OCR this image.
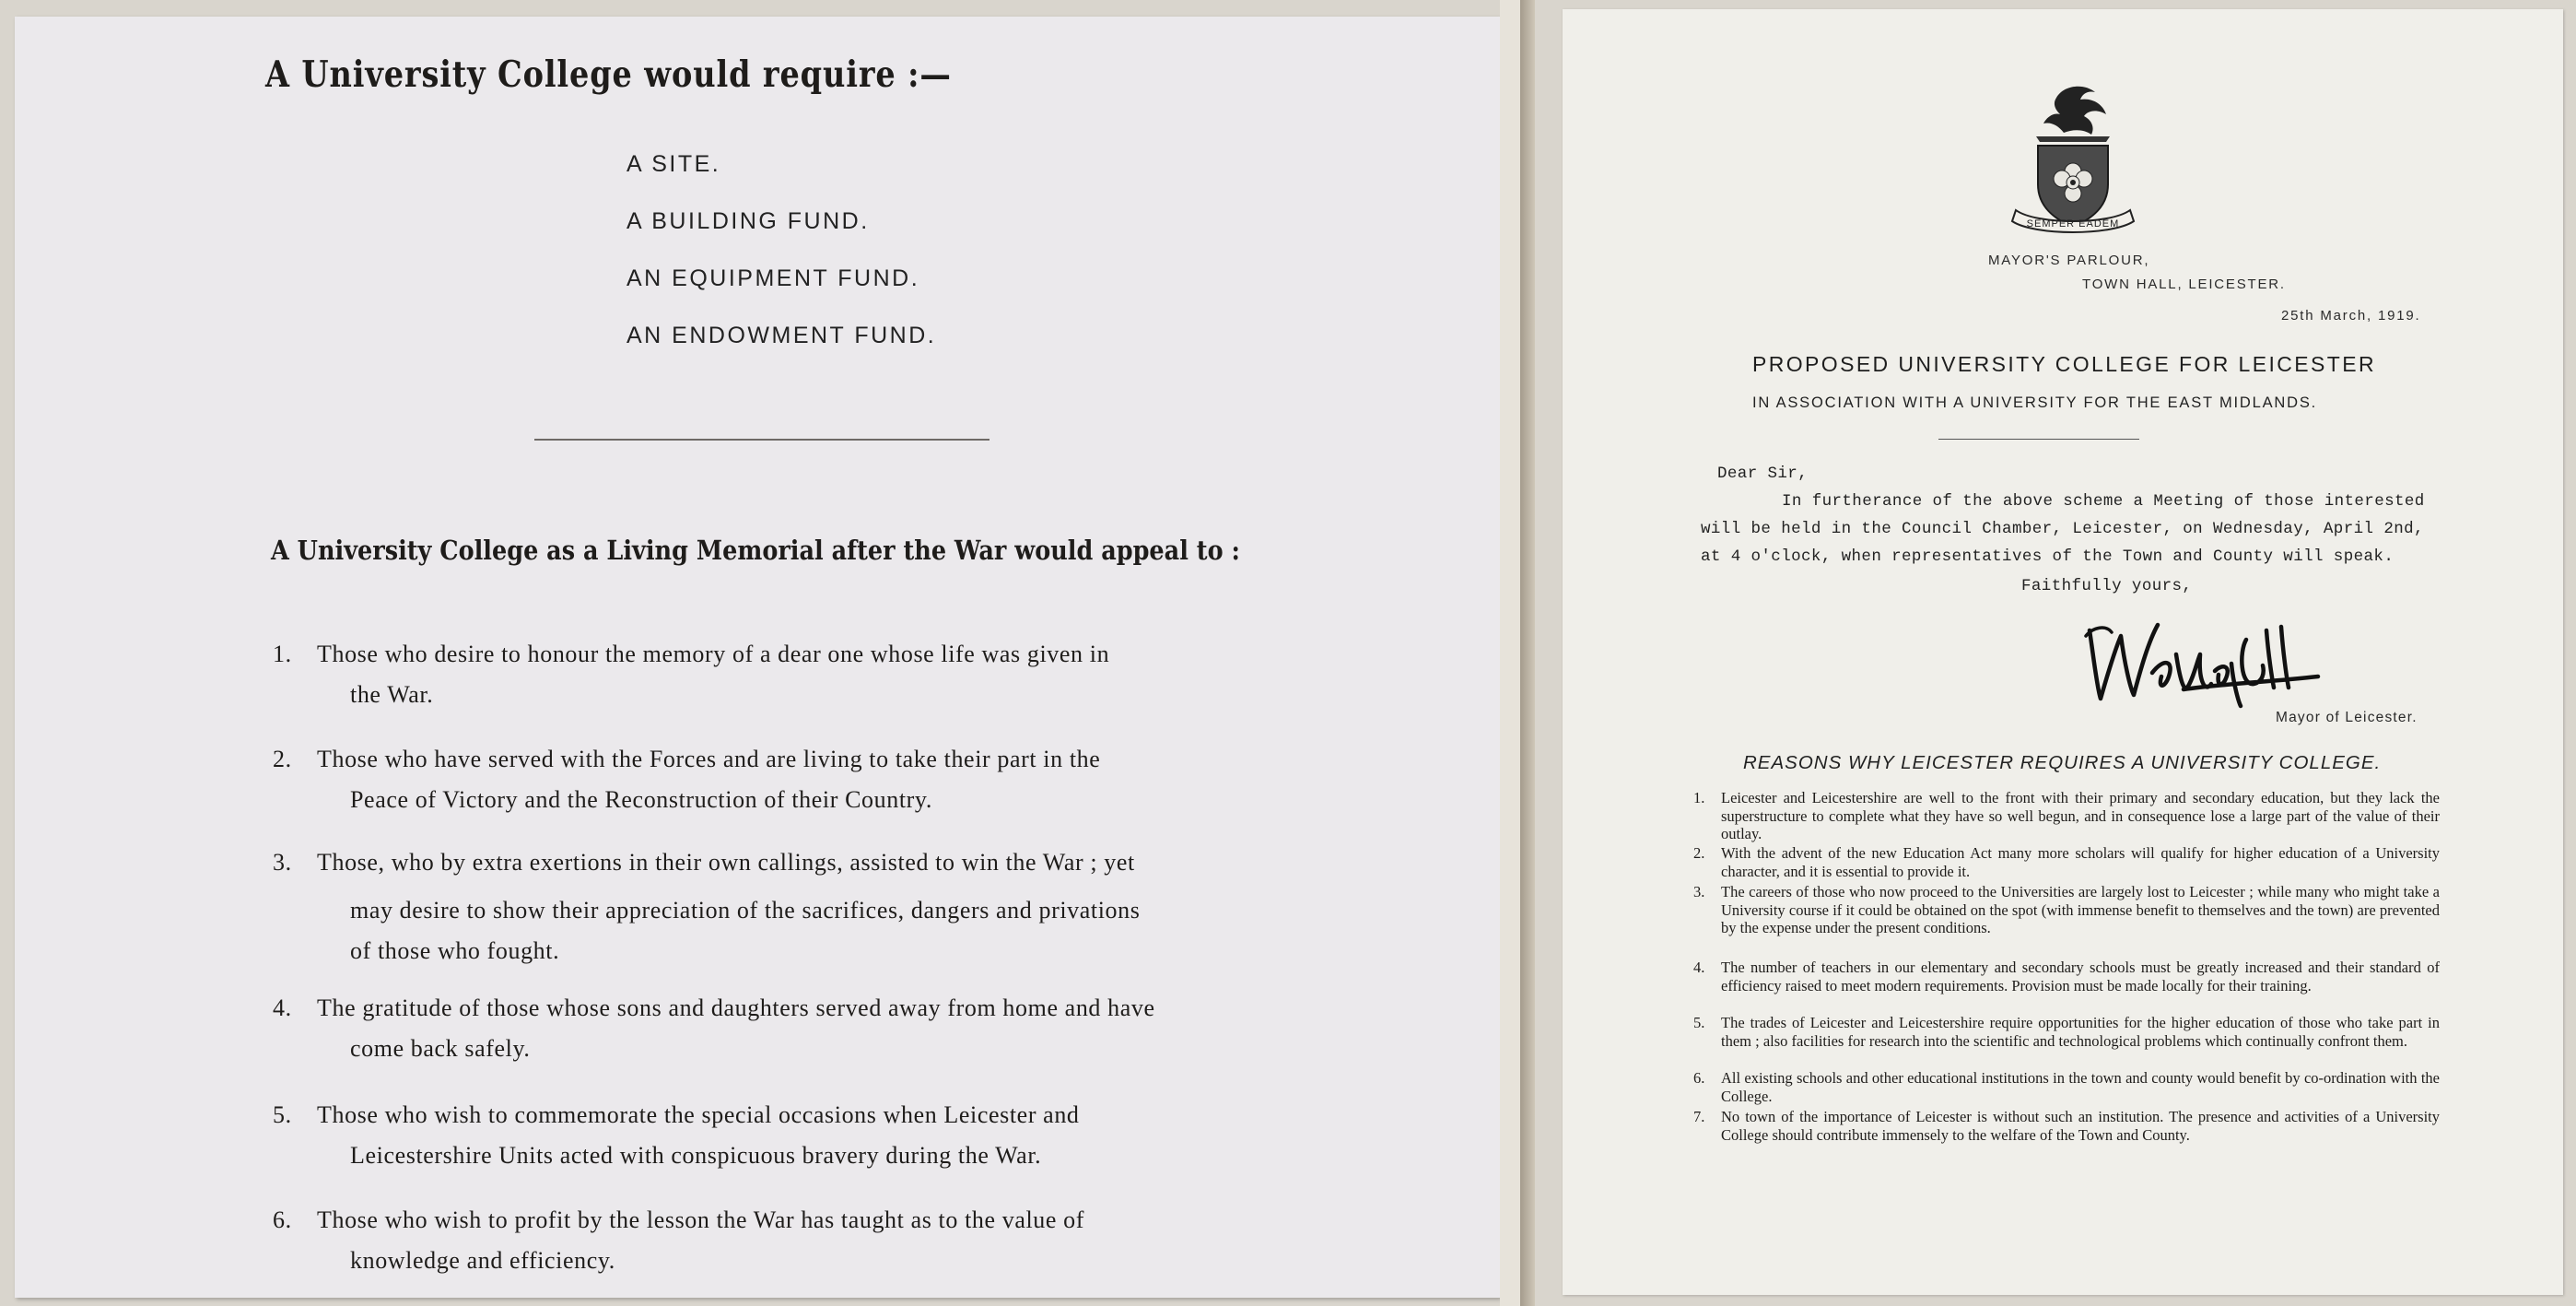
A University College would require :—
A SITE.
A BUILDING FUND.
AN EQUIPMENT FUND.
AN ENDOWMENT FUND.
A University College as a Living Memorial after the War would appeal to :
1. Those who desire to honour the memory of a dear one whose life was given in
the War.
2. Those who have served with the Forces and are living to take their part in the
Peace of Victory and the Reconstruction of their Country.
3. Those, who by extra exertions in their own callings, assisted to win the War ; yet
may desire to show their appreciation of the sacrifices, dangers and privations
of those who fought.
4. The gratitude of those whose sons and daughters served away from home and have
come back safely.
5. Those who wish to commemorate the special occasions when Leicester and
Leicestershire Units acted with conspicuous bravery during the War.
6. Those who wish to profit by the lesson the War has taught as to the value of
knowledge and efficiency.
SEMPER EADEM
MAYOR'S PARLOUR,
TOWN HALL, LEICESTER.
25th March, 1919.
PROPOSED UNIVERSITY COLLEGE FOR LEICESTER
IN ASSOCIATION WITH A UNIVERSITY FOR THE EAST MIDLANDS.
Dear Sir,
In furtherance of the above scheme a Meeting of those interested
will be held in the Council Chamber, Leicester, on Wednesday, April 2nd,
at 4 o'clock, when representatives of the Town and County will speak.
Faithfully yours,
Mayor of Leicester.
REASONS WHY LEICESTER REQUIRES A UNIVERSITY COLLEGE.
1. Leicester and Leicestershire are well to the front with their primary and secondary education, but they lack the superstructure to complete what they have so well begun, and in consequence lose a large part of the value of their outlay.
2. With the advent of the new Education Act many more scholars will qualify for higher education of a University character, and it is essential to provide it.
3. The careers of those who now proceed to the Universities are largely lost to Leicester ; while many who might take a University course if it could be obtained on the spot (with immense benefit to themselves and the town) are prevented by the expense under the present conditions.
4. The number of teachers in our elementary and secondary schools must be greatly increased and their standard of efficiency raised to meet modern requirements. Provision must be made locally for their training.
5. The trades of Leicester and Leicestershire require opportunities for the higher education of those who take part in them ; also facilities for research into the scientific and technological problems which continually confront them.
6. All existing schools and other educational institutions in the town and county would benefit by co-ordination with the College.
7. No town of the importance of Leicester is without such an institution. The presence and activities of a University College should contribute immensely to the welfare of the Town and County.
